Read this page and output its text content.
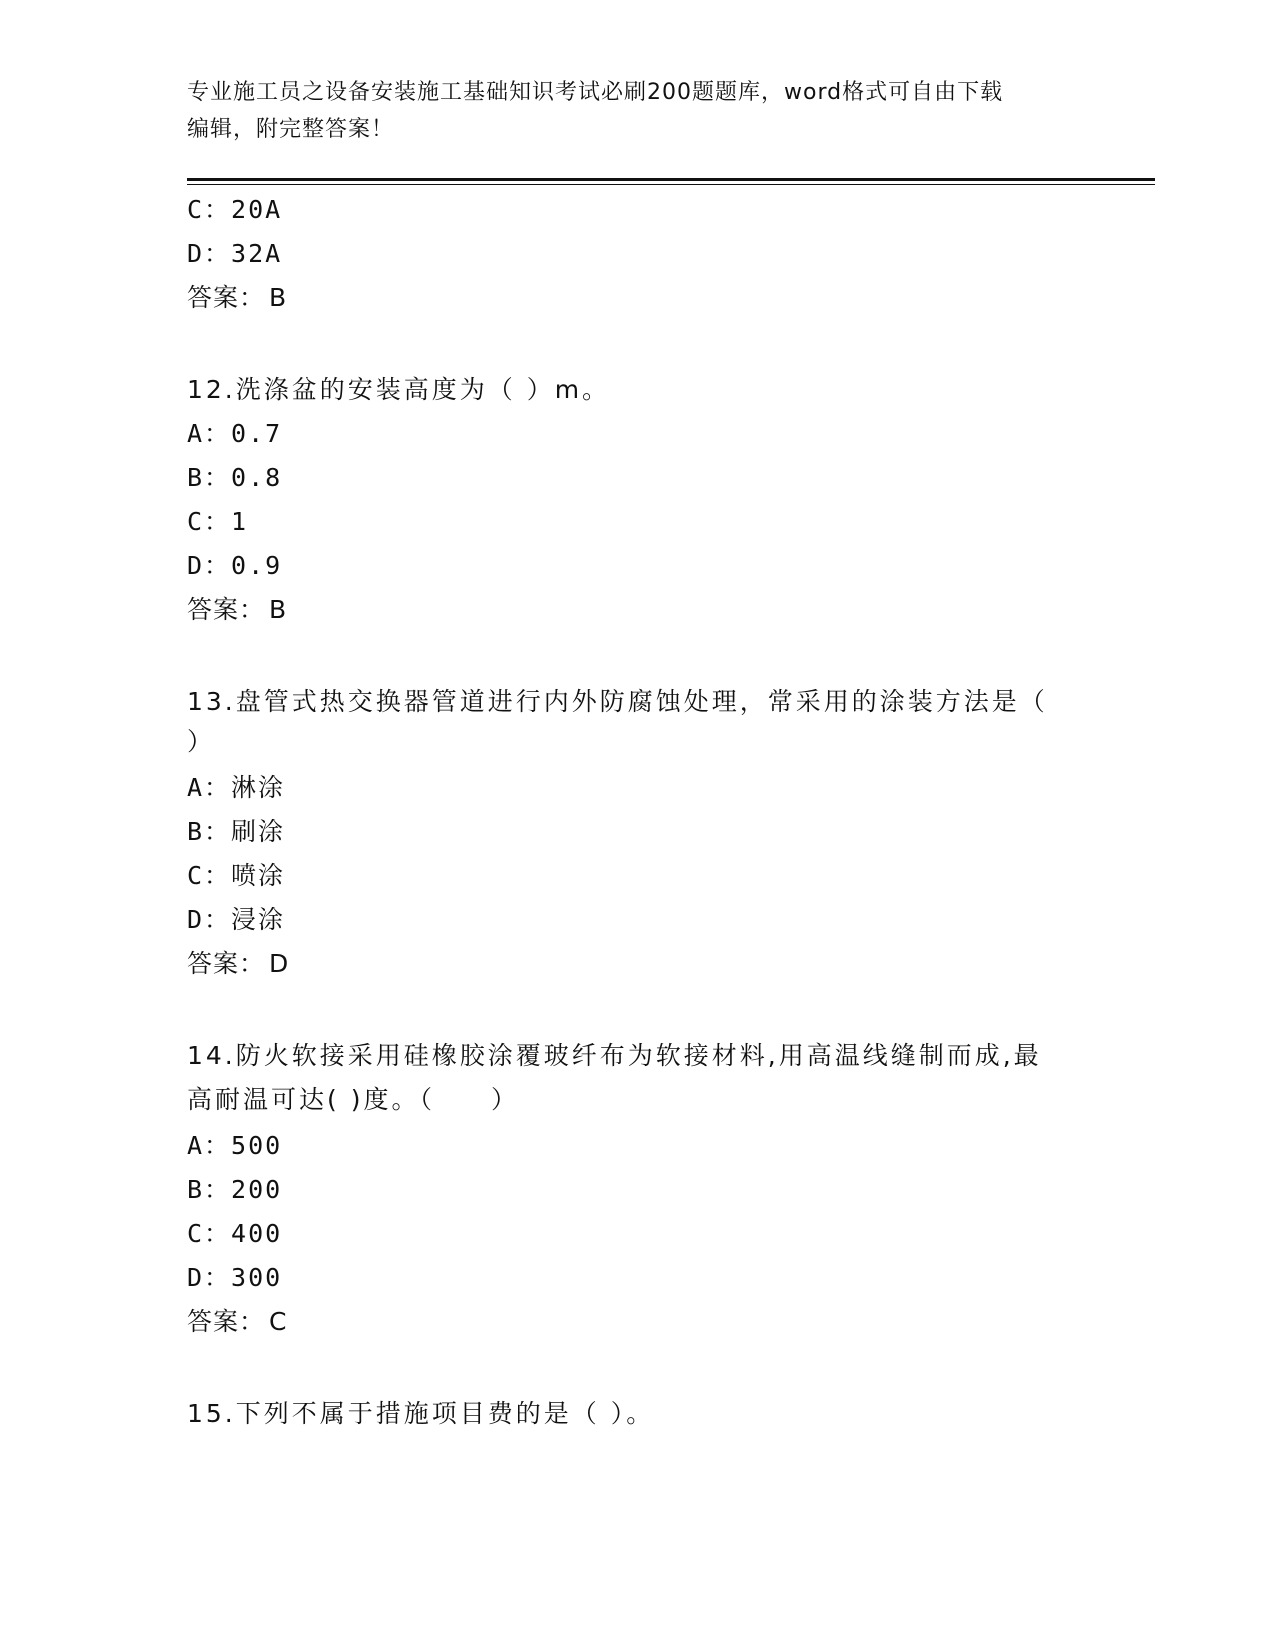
专业施工员之设备安装施工基础知识考试必刷200题题库，word格式可自由下载
编辑，附完整答案！
C：20A
D：32A
答案： B
12.洗涤盆的安装高度为（ ）m。
A：0.7
B：0.8
C：1
D：0.9
答案： B
13.盘管式热交换器管道进行内外防腐蚀处理，常采用的涂装方法是（
）
A：淋涂
B：刷涂
C：喷涂
D：浸涂
答案： D
14.防火软接采用硅橡胶涂覆玻纤布为软接材料,用高温线缝制而成,最
高耐温可达( )度。（　　）
A：500
B：200
C：400
D：300
答案： C
15.下列不属于措施项目费的是（ ）。
